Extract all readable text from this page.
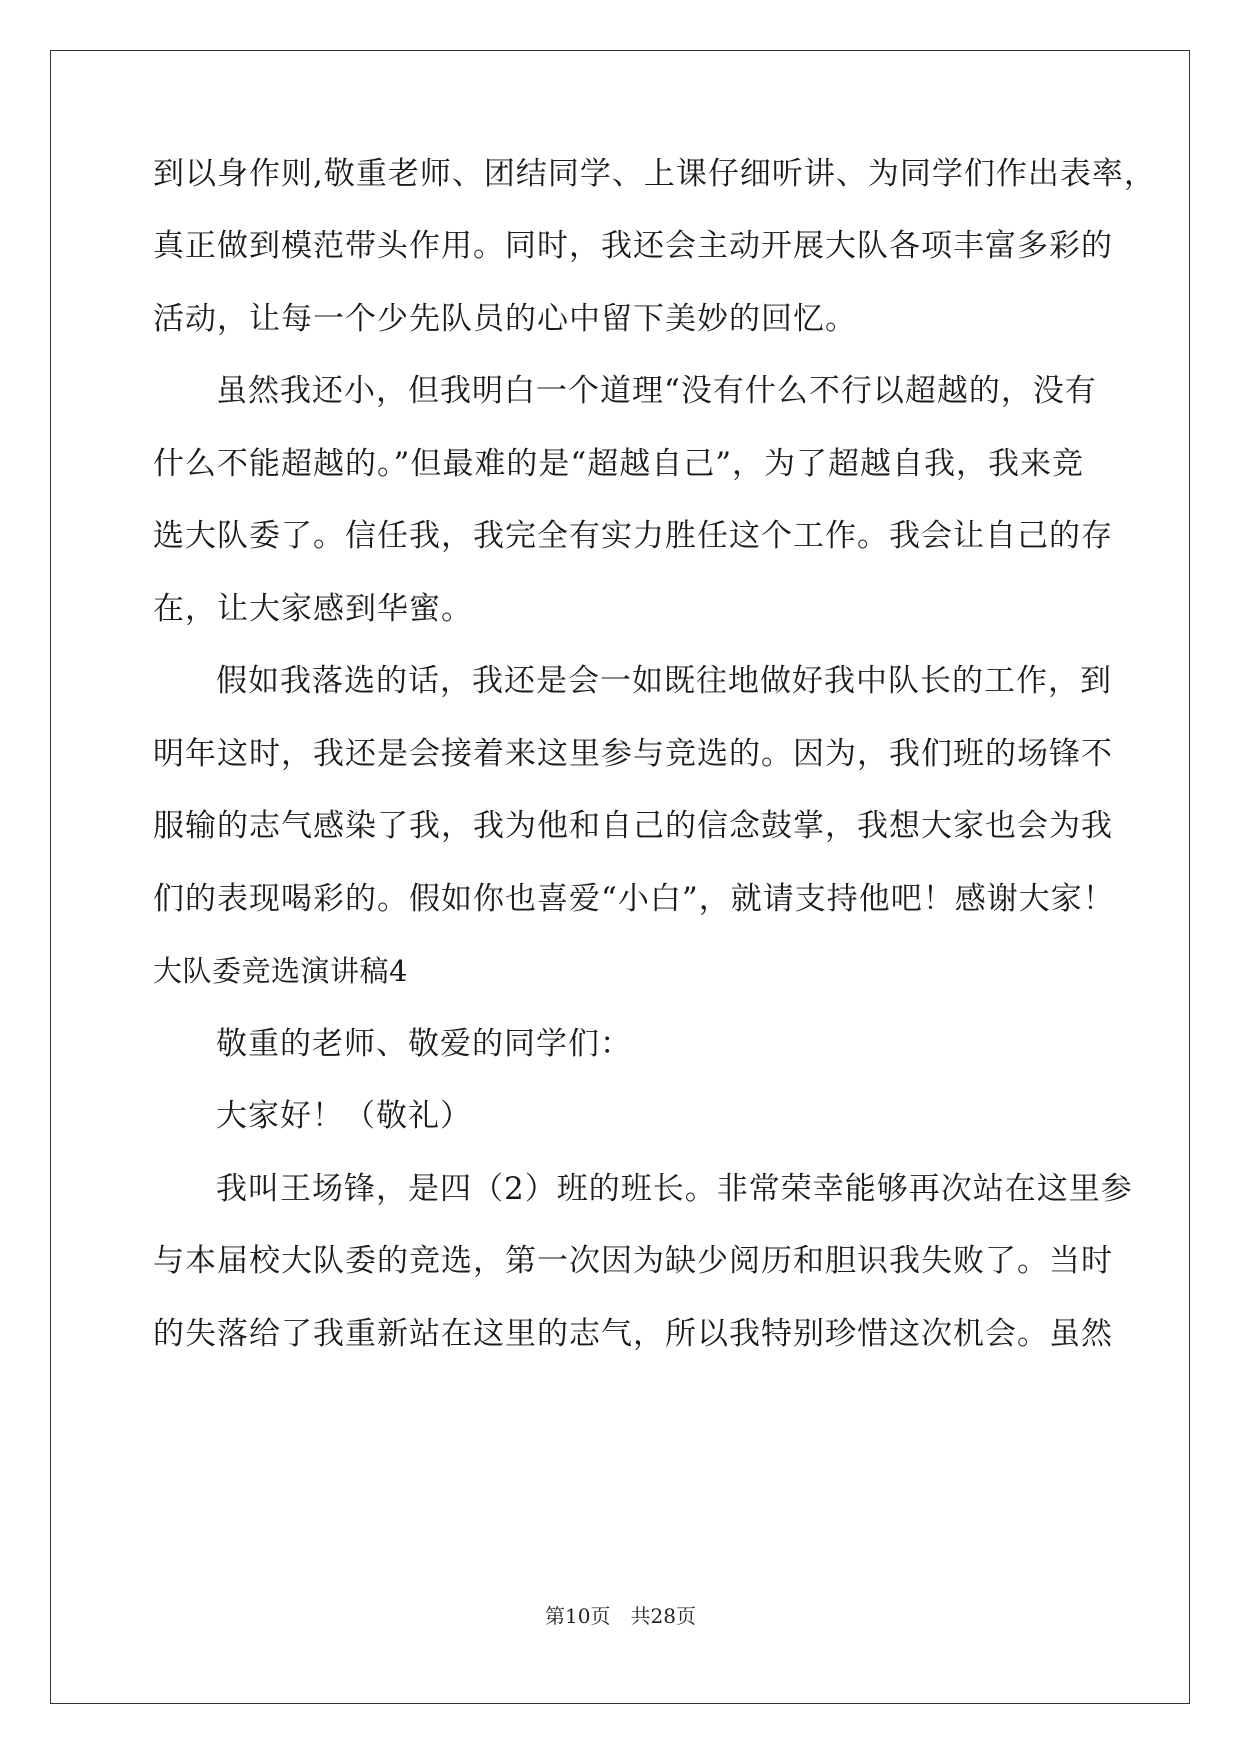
到以身作则,敬重老师、团结同学、上课仔细听讲、为同学们作出表率，
真正做到模范带头作用。同时，我还会主动开展大队各项丰富多彩的
活动，让每一个少先队员的心中留下美妙的回忆。
虽然我还小，但我明白一个道理“没有什么不行以超越的，没有
什么不能超越的。”但最难的是“超越自己”，为了超越自我，我来竞
选大队委了。信任我，我完全有实力胜任这个工作。我会让自己的存
在，让大家感到华蜜。
假如我落选的话，我还是会一如既往地做好我中队长的工作，到
明年这时，我还是会接着来这里参与竞选的。因为，我们班的场锋不
服输的志气感染了我，我为他和自己的信念鼓掌，我想大家也会为我
们的表现喝彩的。假如你也喜爱“小白”，就请支持他吧！感谢大家！
大队委竞选演讲稿4
敬重的老师、敬爱的同学们：
大家好！（敬礼）
我叫王场锋，是四（2）班的班长。非常荣幸能够再次站在这里参
与本届校大队委的竞选，第一次因为缺少阅历和胆识我失败了。当时
的失落给了我重新站在这里的志气，所以我特别珍惜这次机会。虽然
第10页　共28页
